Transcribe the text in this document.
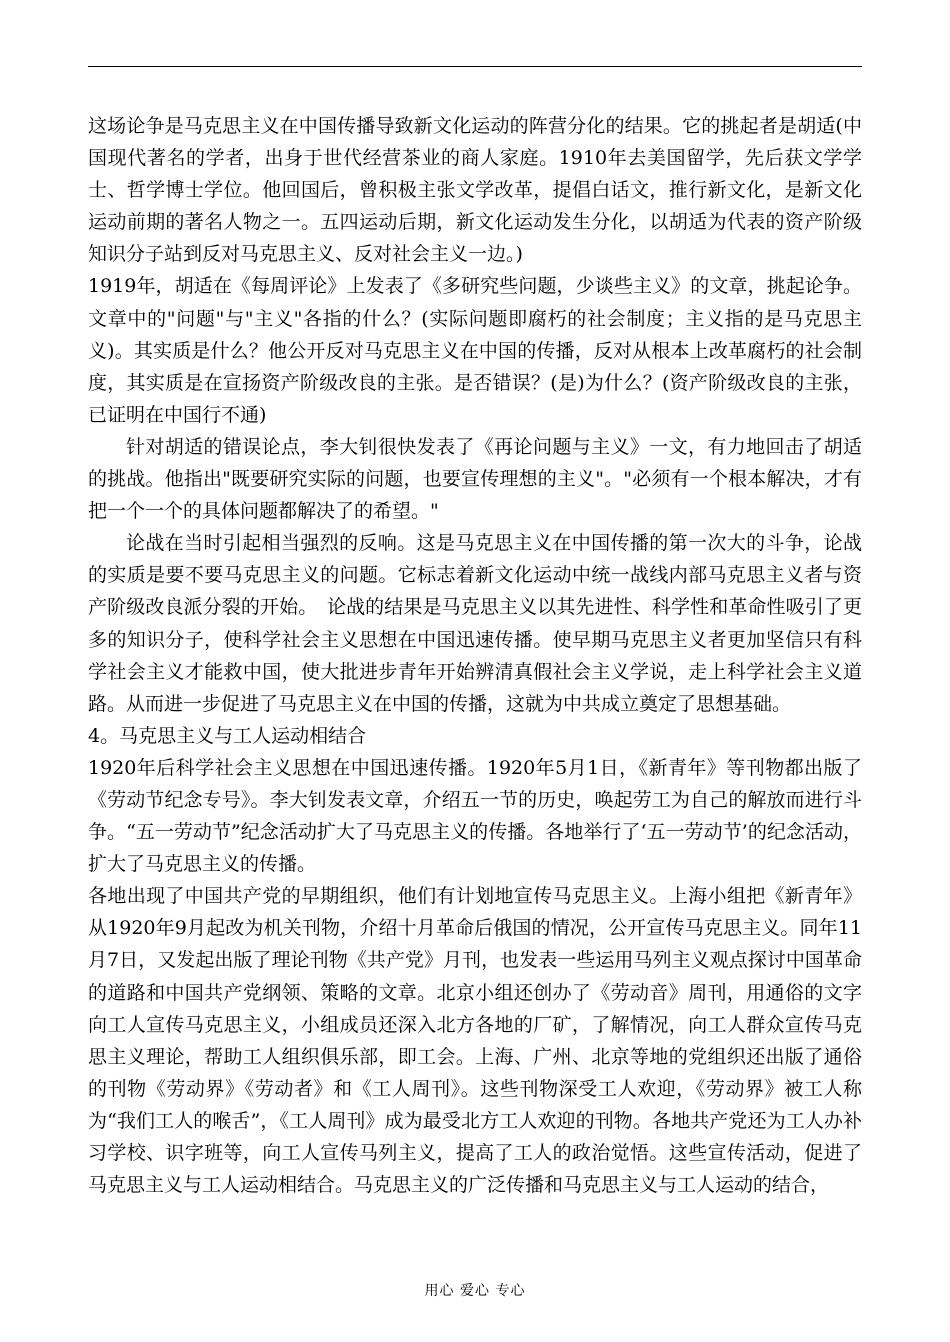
这场论争是马克思主义在中国传播导致新文化运动的阵营分化的结果。它的挑起者是胡适(中国现代著名的学者，出身于世代经营茶业的商人家庭。1910年去美国留学，先后获文学学士、哲学博士学位。他回国后，曾积极主张文学改革，提倡白话文，推行新文化，是新文化运动前期的著名人物之一。五四运动后期，新文化运动发生分化，以胡适为代表的资产阶级知识分子站到反对马克思主义、反对社会主义一边。)

1919年，胡适在《每周评论》上发表了《多研究些问题，少谈些主义》的文章，挑起论争。文章中的"问题"与"主义"各指的什么？(实际问题即腐朽的社会制度；主义指的是马克思主义)。其实质是什么？他公开反对马克思主义在中国的传播，反对从根本上改革腐朽的社会制度，其实质是在宣扬资产阶级改良的主张。是否错误？(是)为什么？(资产阶级改良的主张，已证明在中国行不通)

针对胡适的错误论点，李大钊很快发表了《再论问题与主义》一文，有力地回击了胡适的挑战。他指出"既要研究实际的问题，也要宣传理想的主义"。"必须有一个根本解决，才有把一个一个的具体问题都解决了的希望。"

论战在当时引起相当强烈的反响。这是马克思主义在中国传播的第一次大的斗争，论战的实质是要不要马克思主义的问题。它标志着新文化运动中统一战线内部马克思主义者与资产阶级改良派分裂的开始。　论战的结果是马克思主义以其先进性、科学性和革命性吸引了更多的知识分子，使科学社会主义思想在中国迅速传播。使早期马克思主义者更加坚信只有科学社会主义才能救中国，使大批进步青年开始辨清真假社会主义学说，走上科学社会主义道路。从而进一步促进了马克思主义在中国的传播，这就为中共成立奠定了思想基础。

4。马克思主义与工人运动相结合

1920年后科学社会主义思想在中国迅速传播。1920年5月1日，《新青年》等刊物都出版了《劳动节纪念专号》。李大钊发表文章，介绍五一节的历史，唤起劳工为自己的解放而进行斗争。“五一劳动节”纪念活动扩大了马克思主义的传播。各地举行了‘五一劳动节’的纪念活动，扩大了马克思主义的传播。

各地出现了中国共产党的早期组织，他们有计划地宣传马克思主义。上海小组把《新青年》从1920年9月起改为机关刊物，介绍十月革命后俄国的情况，公开宣传马克思主义。同年11月7日，又发起出版了理论刊物《共产党》月刊，也发表一些运用马列主义观点探讨中国革命的道路和中国共产党纲领、策略的文章。北京小组还创办了《劳动音》周刊，用通俗的文字向工人宣传马克思主义，小组成员还深入北方各地的厂矿，了解情况，向工人群众宣传马克思主义理论，帮助工人组织俱乐部，即工会。上海、广州、北京等地的党组织还出版了通俗的刊物《劳动界》《劳动者》和《工人周刊》。这些刊物深受工人欢迎，《劳动界》被工人称为“我们工人的喉舌”，《工人周刊》成为最受北方工人欢迎的刊物。各地共产党还为工人办补习学校、识字班等，向工人宣传马列主义，提高了工人的政治觉悟。这些宣传活动，促进了马克思主义与工人运动相结合。马克思主义的广泛传播和马克思主义与工人运动的结合，

用心 爱心 专心
